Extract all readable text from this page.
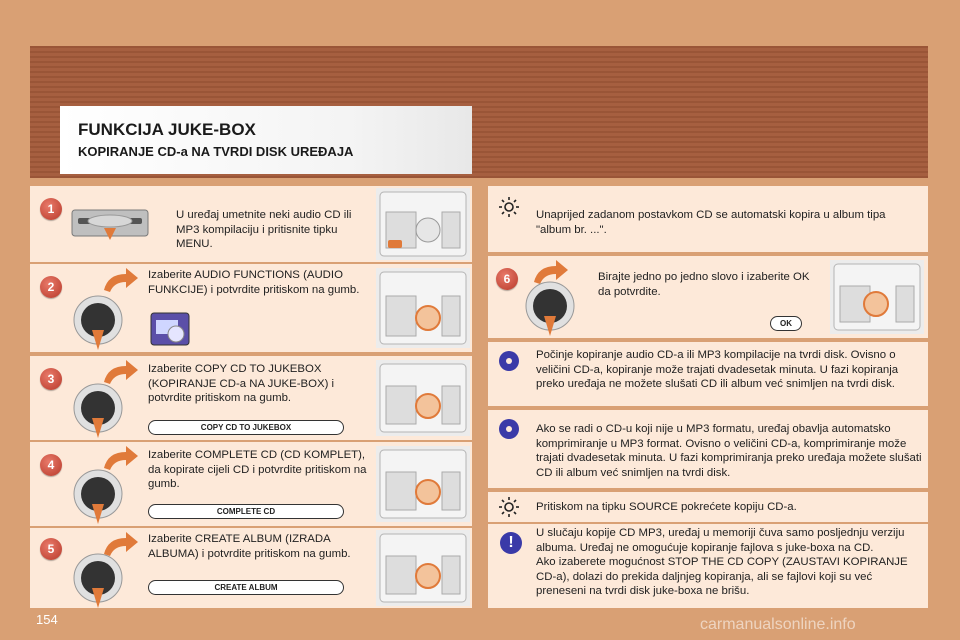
FUNKCIJA JUKE-BOX
KOPIRANJE CD-a NA TVRDI DISK UREĐAJA
1	U uređaj umetnite neki audio CD ili MP3 kompilaciju i pritisnite tipku MENU.
2
Izaberite AUDIO FUNCTIONS (AUDIO FUNKCIJE) i potvrdite pritiskom na gumb.
3
Izaberite COPY CD TO JUKEBOX (KOPIRANJE CD-a NA JUKE-BOX) i potvrdite pritiskom na gumb.
COPY CD TO JUKEBOX
4
Izaberite COMPLETE CD (CD KOMPLET), da kopirate cijeli CD i potvrdite pritiskom na gumb.
COMPLETE CD
5
Izaberite CREATE ALBUM (IZRADA ALBUMA) i potvrdite pritiskom na gumb.
CREATE ALBUM
Unaprijed zadanom postavkom CD se automatski kopira u album tipa "album br. ...".
6	Birajte jedno po jedno slovo i izaberite OK da potvrdite.
OK
Počinje kopiranje audio CD-a ili MP3 kompilacije na tvrdi disk. Ovisno o veličini CD-a, kopiranje može trajati dvadesetak minuta. U fazi kopiranja preko uređaja ne možete slušati CD ili album već snimljen na tvrdi disk.
Ako se radi o CD-u koji nije u MP3 formatu, uređaj obavlja automatsko komprimiranje u MP3 format. Ovisno o veličini CD-a, komprimiranje može trajati dvadesetak minuta. U fazi komprimiranja preko uređaja možete slušati CD ili album već snimljen na tvrdi disk.
Pritiskom na tipku SOURCE pokrećete kopiju CD-a.
!
U slučaju kopije CD MP3, uređaj u memoriji čuva samo posljednju verziju albuma. Uređaj ne omogućuje kopiranje fajlova s juke-boxa na CD.
Ako izaberete mogućnost STOP THE CD COPY (ZAUSTAVI KOPIRANJE CD-a), dolazi do prekida daljnjeg kopiranja, ali se fajlovi koji su već preneseni na tvrdi disk juke-boxa ne brišu.
154	carmanualsonline.info
